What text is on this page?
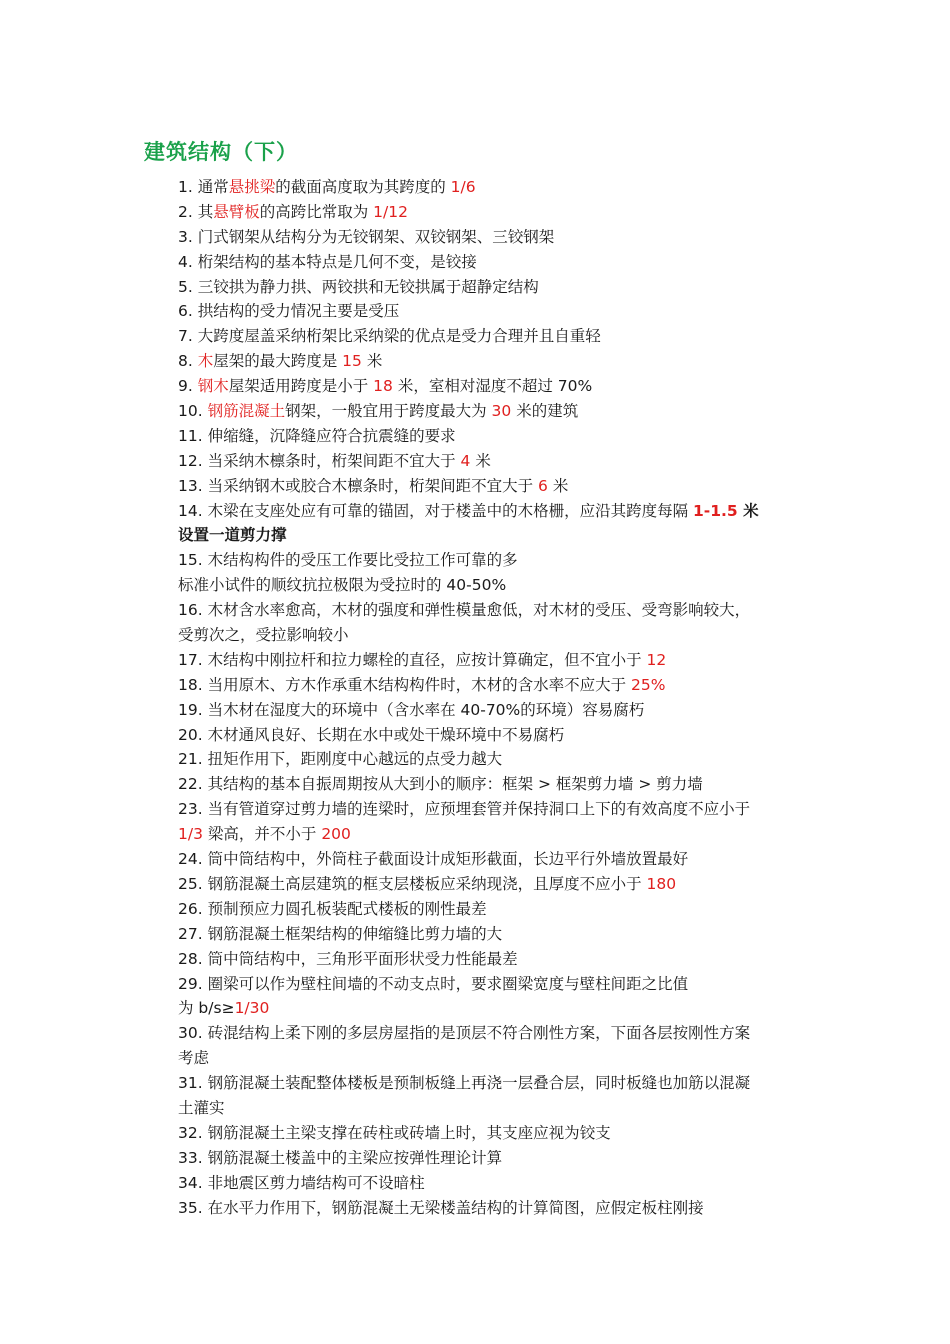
建筑结构（下）
1. 通常悬挑梁的截面高度取为其跨度的 1/6
2. 其悬臂板的高跨比常取为 1/12
3. 门式钢架从结构分为无铰钢架、双铰钢架、三铰钢架
4. 桁架结构的基本特点是几何不变，是铰接
5. 三铰拱为静力拱、两铰拱和无铰拱属于超静定结构
6. 拱结构的受力情况主要是受压
7. 大跨度屋盖采纳桁架比采纳梁的优点是受力合理并且自重轻
8. 木屋架的最大跨度是 15 米
9. 钢木屋架适用跨度是小于 18 米，室相对湿度不超过 70%
10. 钢筋混凝土钢架，一般宜用于跨度最大为 30 米的建筑
11. 伸缩缝，沉降缝应符合抗震缝的要求
12. 当采纳木檩条时，桁架间距不宜大于 4 米
13. 当采纳钢木或胶合木檩条时，桁架间距不宜大于 6 米
14. 木梁在支座处应有可靠的锚固，对于楼盖中的木格栅，应沿其跨度每隔 1-1.5 米
设置一道剪力撑
15. 木结构构件的受压工作要比受拉工作可靠的多
标准小试件的顺纹抗拉极限为受拉时的 40-50%
16. 木材含水率愈高，木材的强度和弹性模量愈低，对木材的受压、受弯影响较大，
受剪次之，受拉影响较小
17. 木结构中刚拉杆和拉力螺栓的直径，应按计算确定，但不宜小于 12
18. 当用原木、方木作承重木结构构件时，木材的含水率不应大于 25%
19. 当木材在湿度大的环境中（含水率在 40-70%的环境）容易腐朽
20. 木材通风良好、长期在水中或处干燥环境中不易腐朽
21. 扭矩作用下，距刚度中心越远的点受力越大
22. 其结构的基本自振周期按从大到小的顺序：框架 > 框架剪力墙 > 剪力墙
23. 当有管道穿过剪力墙的连梁时，应预埋套管并保持洞口上下的有效高度不应小于
1/3 梁高，并不小于 200
24. 筒中筒结构中，外筒柱子截面设计成矩形截面，长边平行外墙放置最好
25. 钢筋混凝土高层建筑的框支层楼板应采纳现浇，且厚度不应小于 180
26. 预制预应力圆孔板装配式楼板的刚性最差
27. 钢筋混凝土框架结构的伸缩缝比剪力墙的大
28. 筒中筒结构中，三角形平面形状受力性能最差
29. 圈梁可以作为壁柱间墙的不动支点时，要求圈梁宽度与壁柱间距之比值
为 b/s≥1/30
30. 砖混结构上柔下刚的多层房屋指的是顶层不符合刚性方案，下面各层按刚性方案
考虑
31. 钢筋混凝土装配整体楼板是预制板缝上再浇一层叠合层，同时板缝也加筋以混凝
土灌实
32. 钢筋混凝土主梁支撑在砖柱或砖墙上时，其支座应视为铰支
33. 钢筋混凝土楼盖中的主梁应按弹性理论计算
34. 非地震区剪力墙结构可不设暗柱
35. 在水平力作用下，钢筋混凝土无梁楼盖结构的计算简图，应假定板柱刚接
